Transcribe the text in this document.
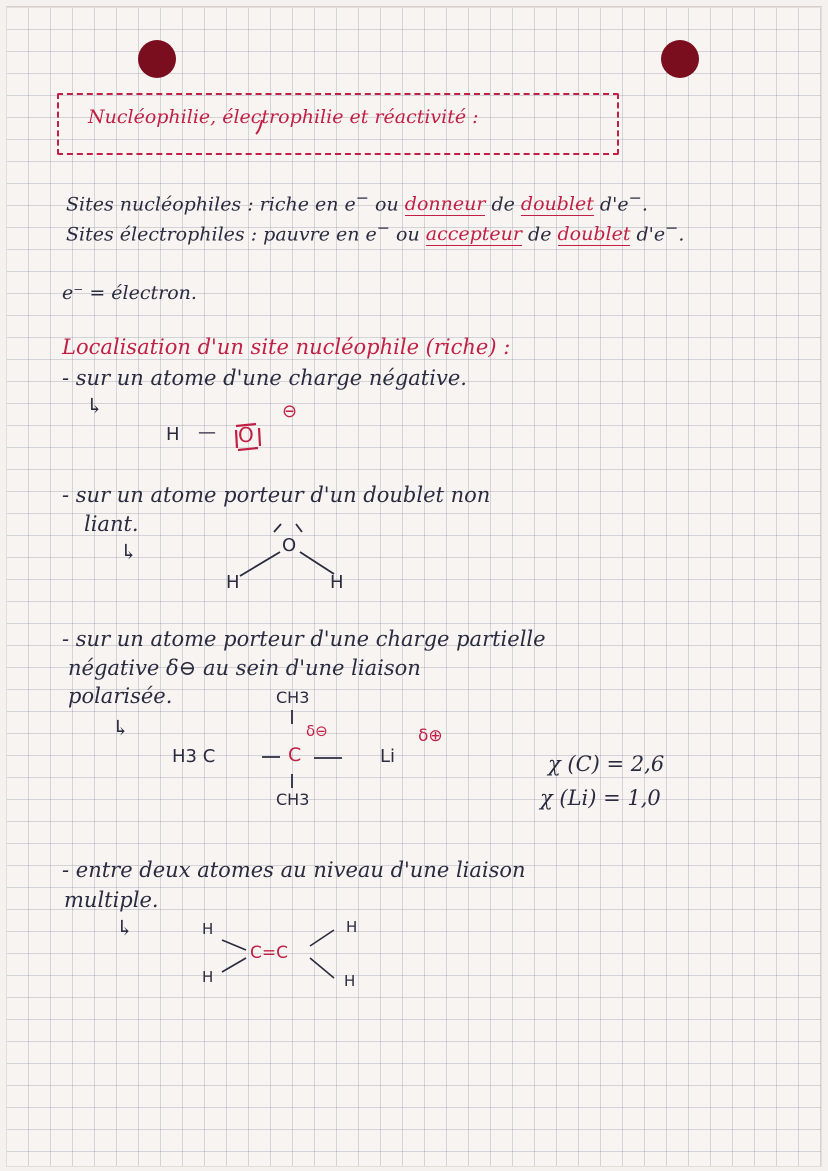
Nucléophilie, électrophilie et réactivité :
Sites nucléophiles : riche en e− ou donneur de doublet d'e−.
Sites électrophiles : pauvre en e− ou accepteur de doublet d'e−.
e⁻ = électron.
Localisation d'un site nucléophile (riche) :
- sur un atome d'une charge négative.
↳
H — O
⊖
- sur un atome porteur d'un doublet non
liant.
↳	O
H	H
- sur un atome porteur d'une charge partielle
négative δ⊖ au sein d'une liaison
polarisée.
↳
CH3
H3 C	C	Li
CH3
δ⊖	δ⊕
χ (C) = 2,6
χ (Li) = 1,0
- entre deux atomes au niveau d'une liaison
multiple.
↳	H
H
C=C
H
H
